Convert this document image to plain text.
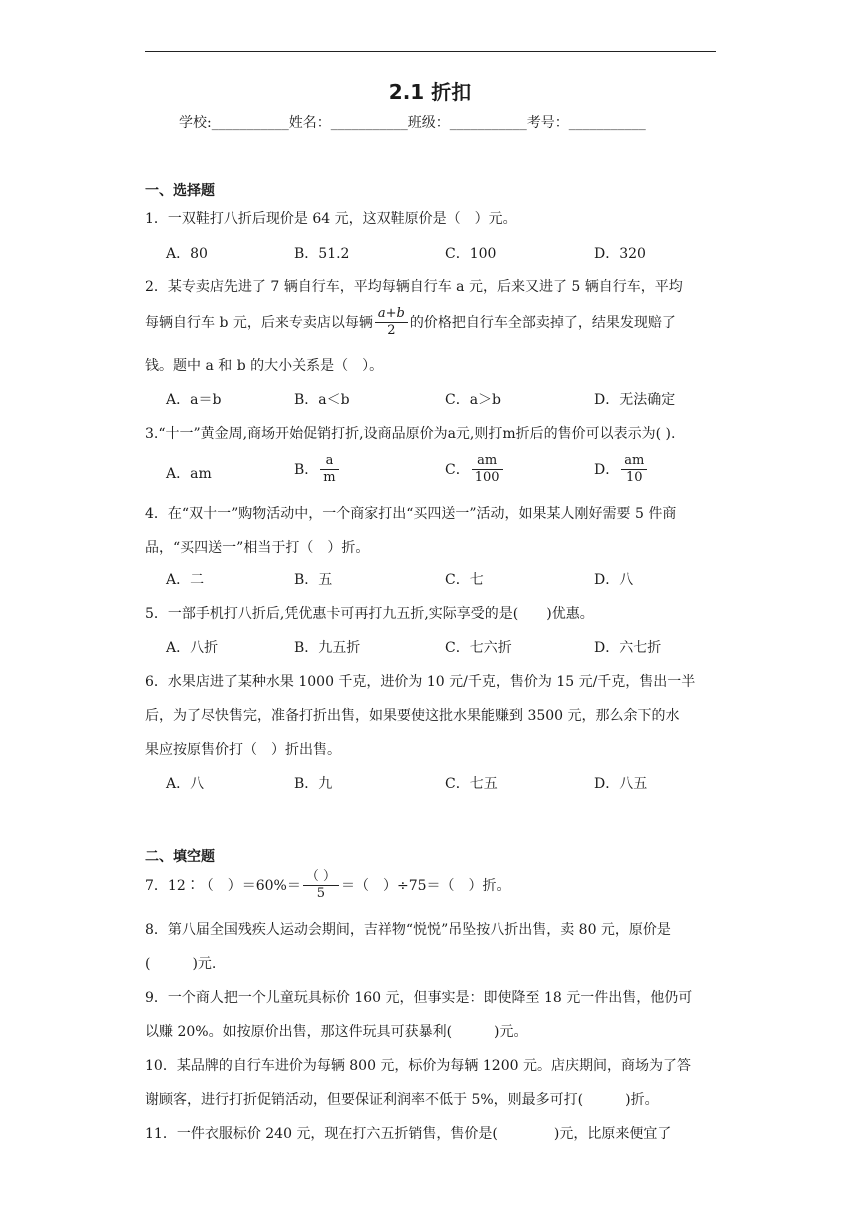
2.1 折扣
学校:___________姓名：___________班级：___________考号：___________
一、选择题
1．一双鞋打八折后现价是 64 元，这双鞋原价是（　）元。
A．80	B．51.2	C．100	D．320
2．某专卖店先进了 7 辆自行车，平均每辆自行车 a 元，后来又进了 5 辆自行车，平均
每辆自行车 b 元，后来专卖店以每辆 $\frac{a+b}{2}$ 的价格把自行车全部卖掉了，结果发现赔了
钱。题中 a 和 b 的大小关系是（　）。
A．a＝b	B．a＜b	C．a＞b	D．无法确定
3.“十一”黄金周,商场开始促销打折,设商品原价为a元,则打m折后的售价可以表示为( ).
A．am	B． $\frac{a}{m}$	C． $\frac{am}{100}$	D． $\frac{am}{10}$
4．在“双十一”购物活动中，一个商家打出“买四送一”活动，如果某人刚好需要 5 件商
品，“买四送一”相当于打（　）折。
A．二	B．五	C．七	D．八
5．一部手机打八折后,凭优惠卡可再打九五折,实际享受的是(　　)优惠。
A．八折	B．九五折	C．七六折	D．六七折
6．水果店进了某种水果 1000 千克，进价为 10 元/千克，售价为 15 元/千克，售出一半
后，为了尽快售完，准备打折出售，如果要使这批水果能赚到 3500 元，那么余下的水
果应按原售价打（　）折出售。
A．八	B．九	C．七五	D．八五
二、填空题
7．12∶（　）$=60\%= \frac{( )}{5}$ ＝（　）÷75＝（　）折。
8．第八届全国残疾人运动会期间，吉祥物“悦悦”吊坠按八折出售，卖 80 元，原价是
(　　　)元.
9．一个商人把一个儿童玩具标价 160 元，但事实是：即使降至 18 元一件出售，他仍可
以赚 20%。如按原价出售，那这件玩具可获暴利(　　　)元。
10．某品牌的自行车进价为每辆 800 元，标价为每辆 1200 元。店庆期间，商场为了答
谢顾客，进行打折促销活动，但要保证利润率不低于 5%，则最多可打(　　　)折。
11．一件衣服标价 240 元，现在打六五折销售，售价是(　　　　)元，比原来便宜了
